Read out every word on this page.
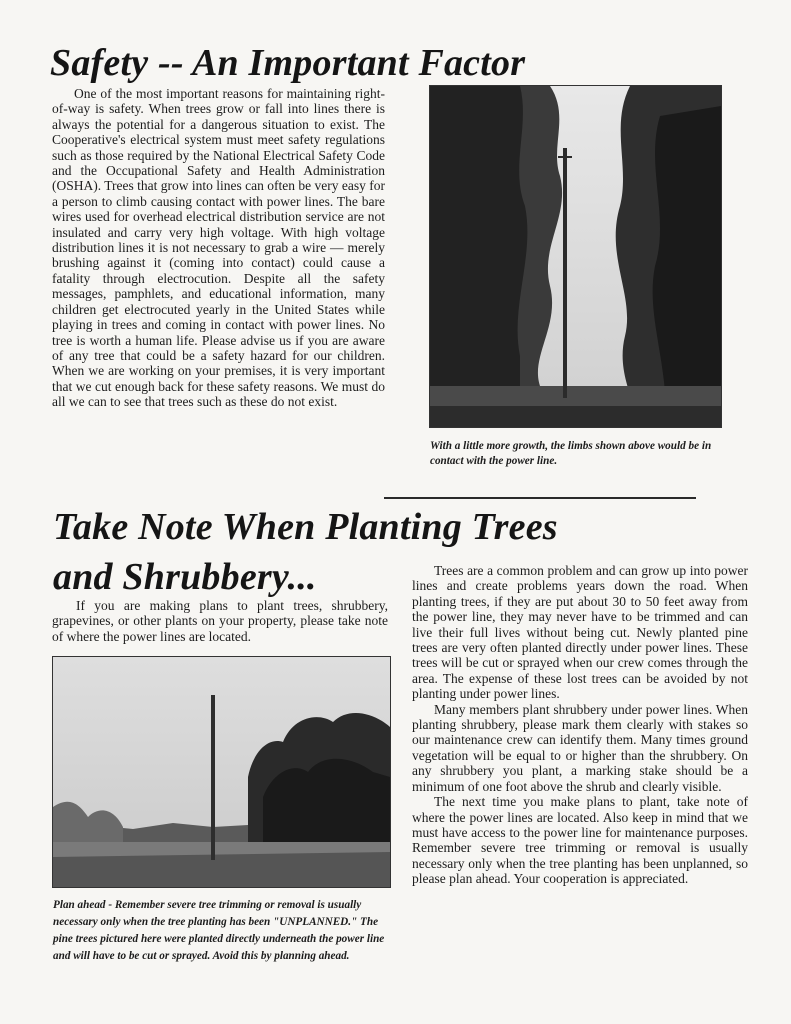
Safety -- An Important Factor

One of the most important reasons for maintaining right-of-way is safety. When trees grow or fall into lines there is always the potential for a dangerous situation to exist. The Cooperative's electrical system must meet safety regulations such as those required by the National Electrical Safety Code and the Occupational Safety and Health Administration (OSHA). Trees that grow into lines can often be very easy for a person to climb causing contact with power lines. The bare wires used for overhead electrical distribution service are not insulated and carry very high voltage. With high voltage distribution lines it is not necessary to grab a wire — merely brushing against it (coming into contact) could cause a fatality through electrocution. Despite all the safety messages, pamphlets, and educational information, many children get electrocuted yearly in the United States while playing in trees and coming in contact with power lines. No tree is worth a human life. Please advise us if you are aware of any tree that could be a safety hazard for our children. When we are working on your premises, it is very important that we cut enough back for these safety reasons. We must do all we can to see that trees such as these do not exist.

With a little more growth, the limbs shown above would be in contact with the power line.
Take Note When Planting Trees
and Shrubbery...

If you are making plans to plant trees, shrubbery, grapevines, or other plants on your property, please take note of where the power lines are located.

Plan ahead - Remember severe tree trimming or removal is usually necessary only when the tree planting has been "UNPLANNED." The pine trees pictured here were planted directly underneath the power line and will have to be cut or sprayed. Avoid this by planning ahead.

Trees are a common problem and can grow up into power lines and create problems years down the road. When planting trees, if they are put about 30 to 50 feet away from the power line, they may never have to be trimmed and can live their full lives without being cut. Newly planted pine trees are very often planted directly under power lines. These trees will be cut or sprayed when our crew comes through the area. The expense of these lost trees can be avoided by not planting under power lines.

Many members plant shrubbery under power lines. When planting shrubbery, please mark them clearly with stakes so our maintenance crew can identify them. Many times ground vegetation will be equal to or higher than the shrubbery. On any shrubbery you plant, a marking stake should be a minimum of one foot above the shrub and clearly visible.

The next time you make plans to plant, take note of where the power lines are located. Also keep in mind that we must have access to the power line for maintenance purposes. Remember severe tree trimming or removal is usually necessary only when the tree planting has been unplanned, so please plan ahead. Your cooperation is appreciated.
